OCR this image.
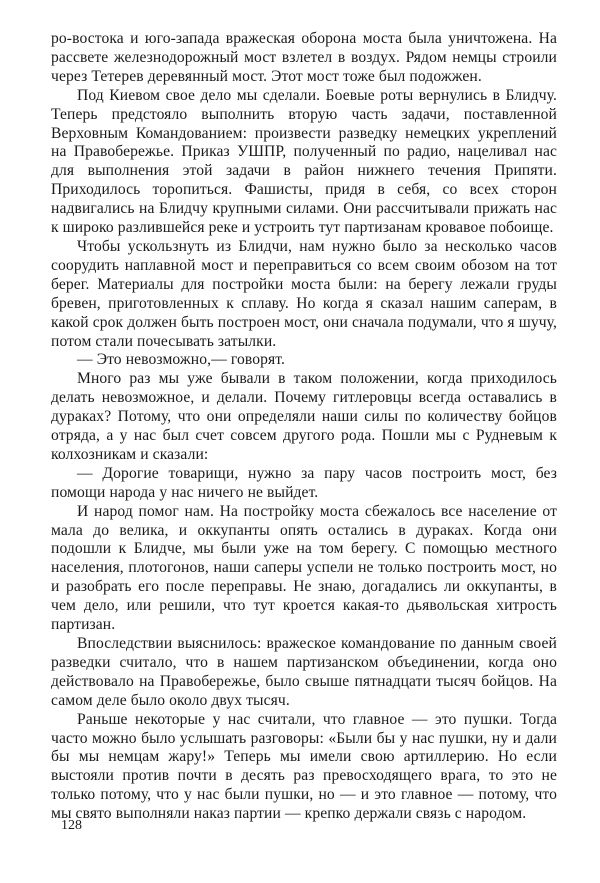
ро-востока и юго-запада вражеская оборона моста была уничтожена. На рассвете железнодорожный мост взлетел в воздух. Рядом немцы строили через Тетерев деревянный мост. Этот мост тоже был подожжен.

Под Киевом свое дело мы сделали. Боевые роты вернулись в Блидчу. Теперь предстояло выполнить вторую часть задачи, поставленной Верховным Командованием: произвести разведку немецких укреплений на Правобережье. Приказ УШПР, полученный по радио, нацеливал нас для выполнения этой задачи в район нижнего течения Припяти. Приходилось торопиться. Фашисты, придя в себя, со всех сторон надвигались на Блидчу крупными силами. Они рассчитывали прижать нас к широко разлившейся реке и устроить тут партизанам кровавое побоище.

Чтобы ускользнуть из Блидчи, нам нужно было за несколько часов соорудить наплавной мост и переправиться со всем своим обозом на тот берег. Материалы для постройки моста были: на берегу лежали груды бревен, приготовленных к сплаву. Но когда я сказал нашим саперам, в какой срок должен быть построен мост, они сначала подумали, что я шучу, потом стали почесывать затылки.

— Это невозможно,— говорят.

Много раз мы уже бывали в таком положении, когда приходилось делать невозможное, и делали. Почему гитлеровцы всегда оставались в дураках? Потому, что они определяли наши силы по количеству бойцов отряда, а у нас был счет совсем другого рода. Пошли мы с Рудневым к колхозникам и сказали:

— Дорогие товарищи, нужно за пару часов построить мост, без помощи народа у нас ничего не выйдет.

И народ помог нам. На постройку моста сбежалось все население от мала до велика, и оккупанты опять остались в дураках. Когда они подошли к Блидче, мы были уже на том берегу. С помощью местного населения, плотогонов, наши саперы успели не только построить мост, но и разобрать его после переправы. Не знаю, догадались ли оккупанты, в чем дело, или решили, что тут кроется какая-то дьявольская хитрость партизан.

Впоследствии выяснилось: вражеское командование по данным своей разведки считало, что в нашем партизанском объединении, когда оно действовало на Правобережье, было свыше пятнадцати тысяч бойцов. На самом деле было около двух тысяч.

Раньше некоторые у нас считали, что главное — это пушки. Тогда часто можно было услышать разговоры: «Были бы у нас пушки, ну и дали бы мы немцам жару!» Теперь мы имели свою артиллерию. Но если выстояли против почти в десять раз превосходящего врага, то это не только потому, что у нас были пушки, но — и это главное — потому, что мы свято выполняли наказ партии — крепко держали связь с народом.

128
